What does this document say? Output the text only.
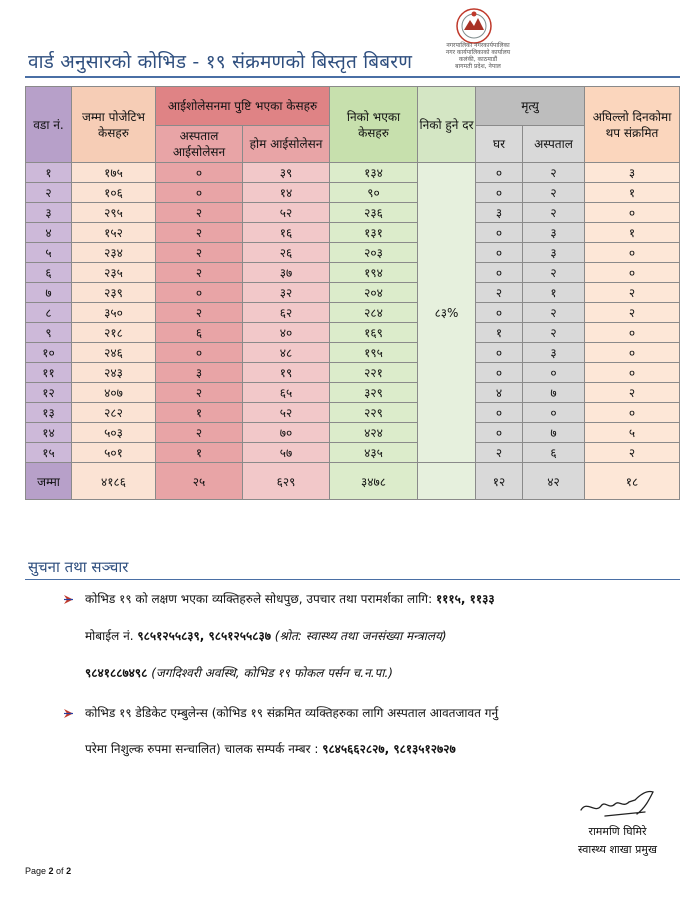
वार्ड अनुसारको कोभिड - १९ संक्रमणको बिस्तृत बिबरण
नगरपालिका नगरकार्यपालिका
नगर कार्यपालिकाको कार्यालय
कलंकी, काठमाडौं
बागमती प्रदेश, नेपाल
वडा नं.	जम्मा पोजेटिभ केसहरु	आईशोलेसनमा पुष्टि भएका केसहरु		निको भएका केसहरु	निको हुने दर	मृत्यु		अघिल्लो दिनकोमा थप संक्रमित
		अस्पताल आईसोलेसन	होम आईसोलेसन			घर	अस्पताल	
१	१७५	०	३९	१३४	८३%	०	२	३
२	१०६	०	१४	९०		०	२	१
३	२९५	२	५२	२३६		३	२	०
४	१५२	२	१६	१३१		०	३	१
५	२३४	२	२६	२०३		०	३	०
६	२३५	२	३७	१९४		०	२	०
७	२३९	०	३२	२०४		२	१	२
८	३५०	२	६२	२८४		०	२	२
९	२१८	६	४०	१६९		१	२	०
१०	२४६	०	४८	१९५		०	३	०
११	२४३	३	१९	२२१		०	०	०
१२	४०७	२	६५	३२९		४	७	२
१३	२८२	१	५२	२२९		०	०	०
१४	५०३	२	७०	४२४		०	७	५
१५	५०१	१	५७	४३५		२	६	२
जम्मा	४१८६	२५	६२९	३४७८		१२	४२	१८
सुचना तथा सञ्चार
कोभिड १९ को लक्षण भएका व्यक्तिहरुले सोधपुछ, उपचार तथा परामर्शका लागि: १११५, ११३३
मोबाईल नं. ९८५१२५५८३९, ९८५१२५५८३७ (श्रोत: स्वास्थ्य तथा जनसंख्या मन्त्रालय)
९८४१८८७४९८ (जगदिश्वरी अवस्थि, कोभिड १९ फोकल पर्सन च.न.पा.)
कोभिड १९ डेडिकेट एम्बुलेन्स (कोभिड १९ संक्रमित व्यक्तिहरुका लागि अस्पताल आवतजावत गर्नु
परेमा निशुल्क रुपमा सन्चालित) चालक सम्पर्क नम्बर : ९८४५६६२८२७, ९८१३५१२७२७
राममणि घिमिरे
स्वास्थ्य शाखा प्रमुख
Page 2 of 2
